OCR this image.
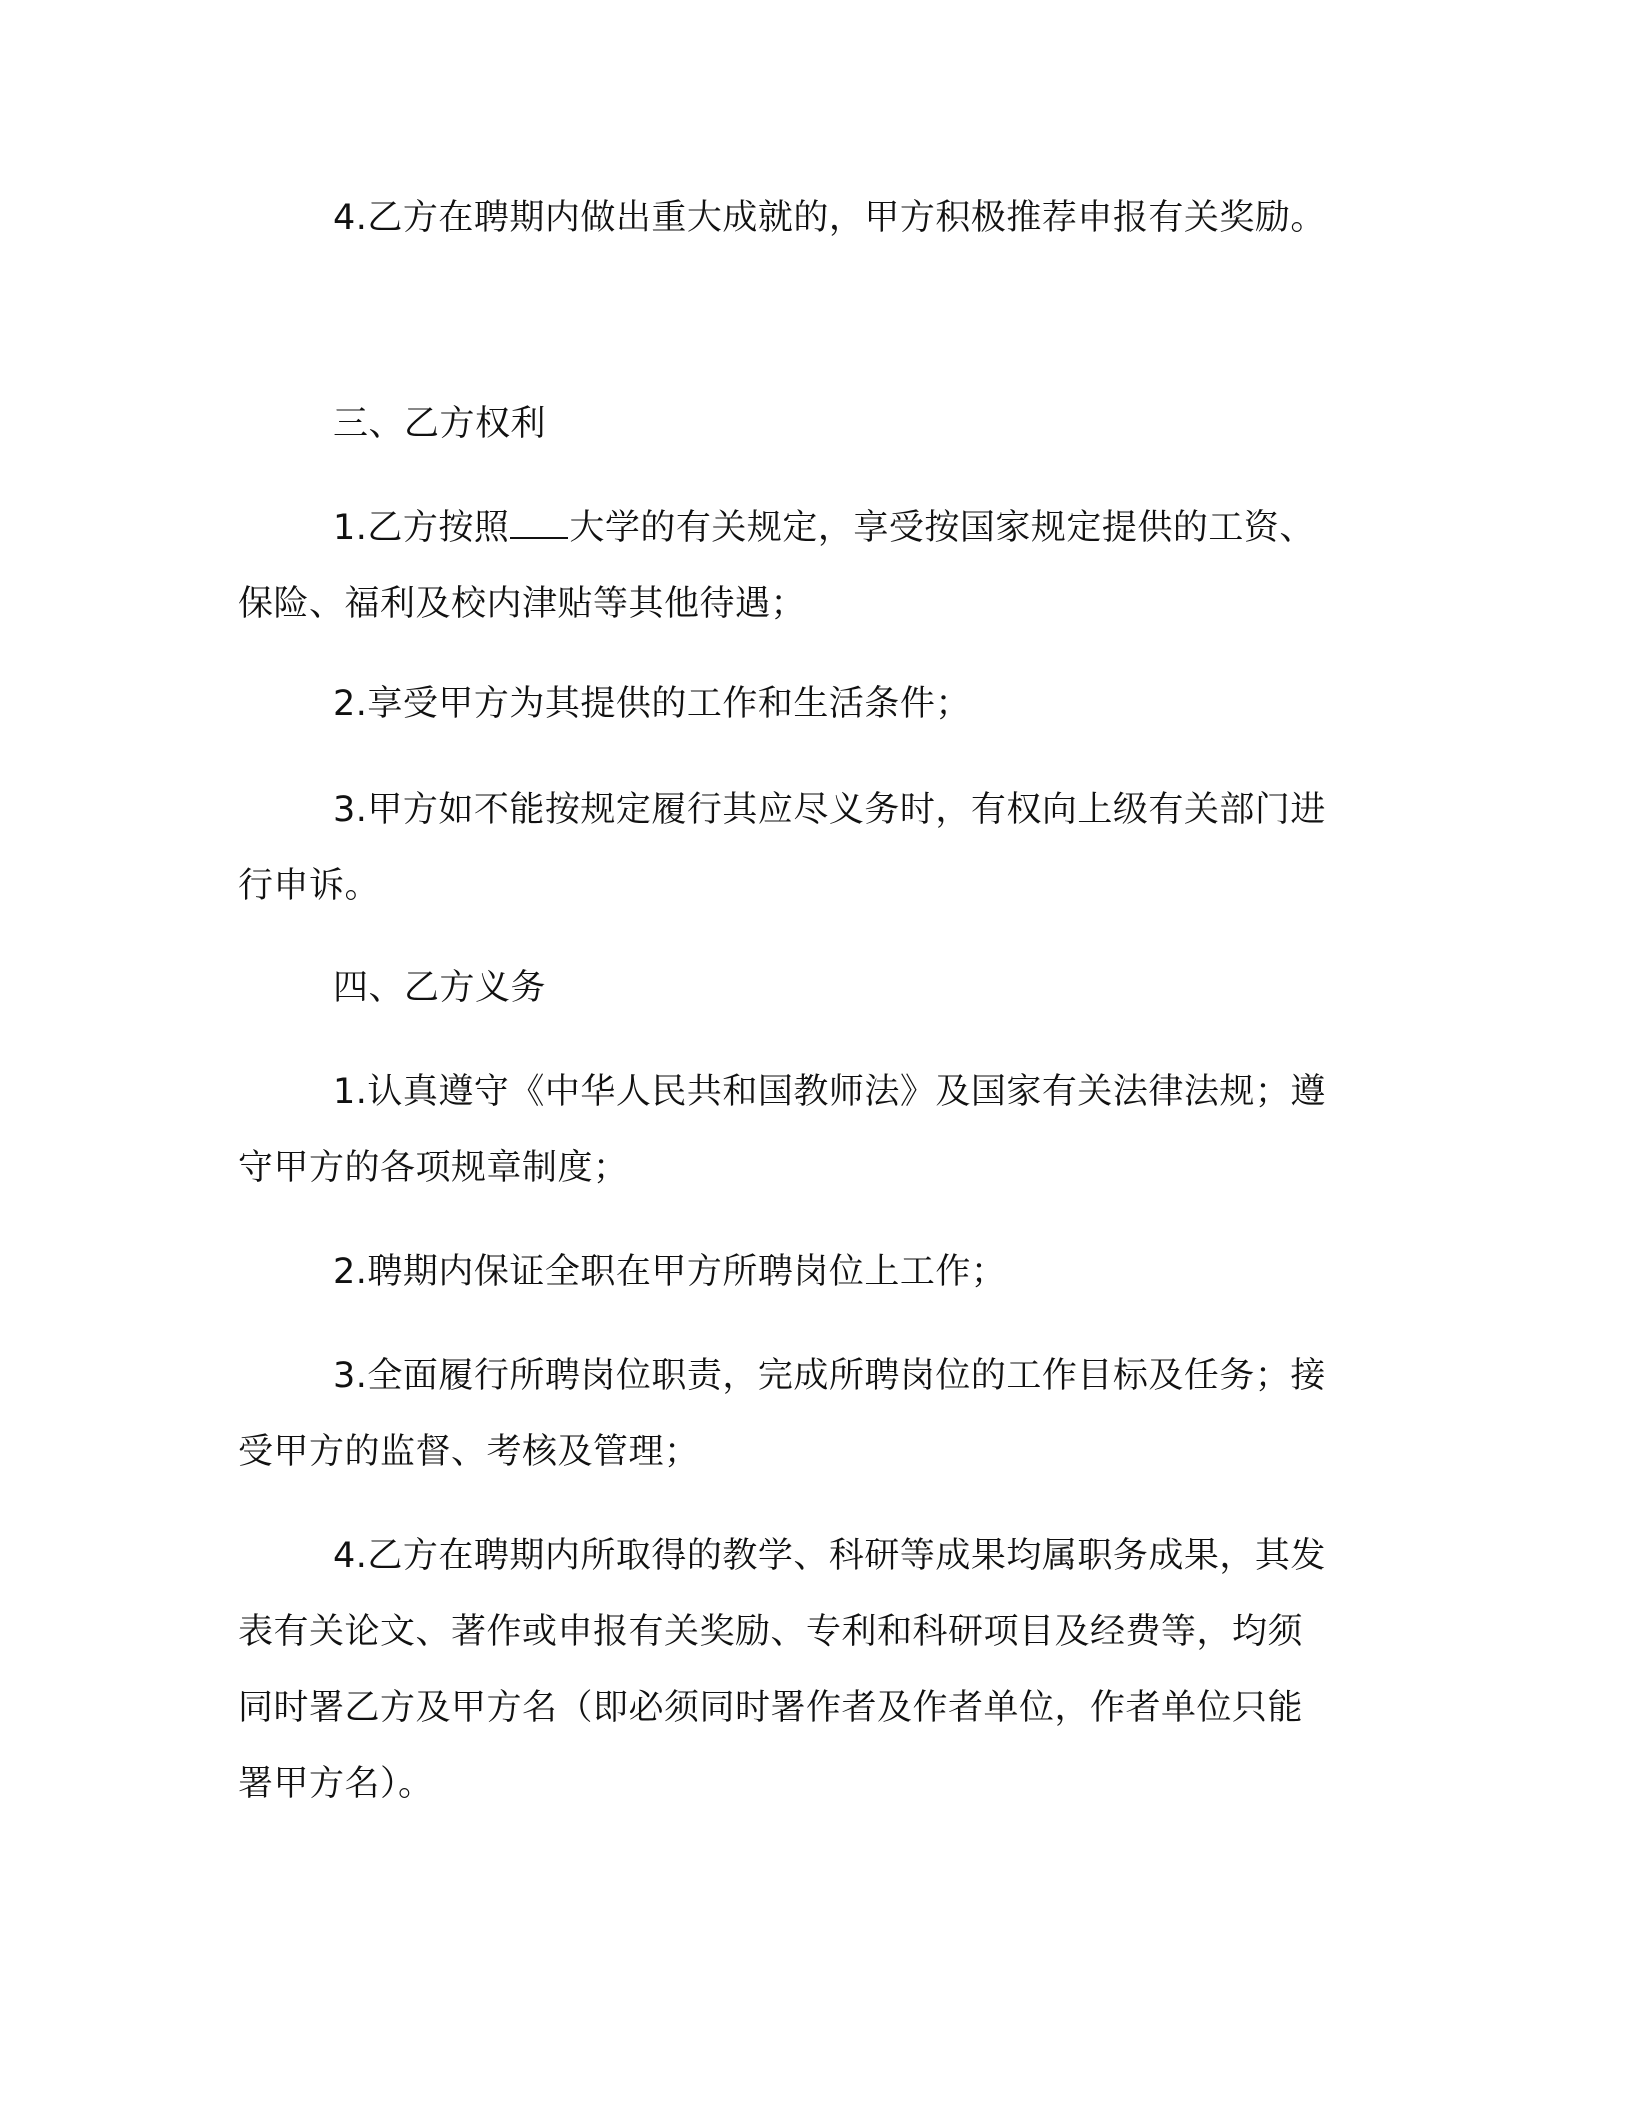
4.乙方在聘期内做出重大成就的，甲方积极推荐申报有关奖励。
三、乙方权利
1.乙方按照 大学的有关规定，享受按国家规定提供的工资、
保险、福利及校内津贴等其他待遇；
2.享受甲方为其提供的工作和生活条件；
3.甲方如不能按规定履行其应尽义务时，有权向上级有关部门进
行申诉。
四、乙方义务
1.认真遵守《中华人民共和国教师法》及国家有关法律法规；遵
守甲方的各项规章制度；
2.聘期内保证全职在甲方所聘岗位上工作；
3.全面履行所聘岗位职责，完成所聘岗位的工作目标及任务；接
受甲方的监督、考核及管理；
4.乙方在聘期内所取得的教学、科研等成果均属职务成果，其发
表有关论文、著作或申报有关奖励、专利和科研项目及经费等，均须
同时署乙方及甲方名（即必须同时署作者及作者单位，作者单位只能
署甲方名）。
